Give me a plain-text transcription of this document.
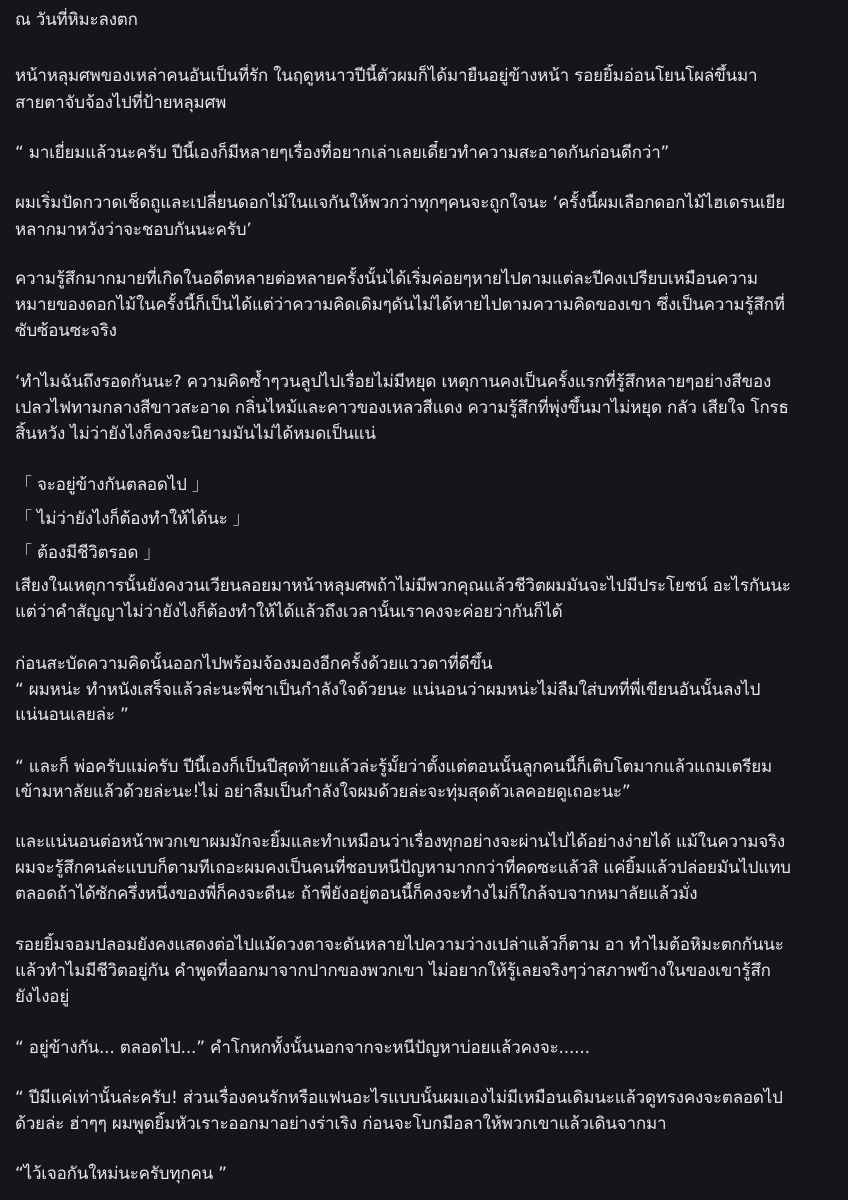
ณ วันที่หิมะลงตก
หน้าหลุมศพของเหล่าคนอันเป็นที่รัก ในฤดูหนาวปีนี้ตัวผมก็ได้มายืนอยู่ข้างหน้า รอยยิ้มอ่อนโยนโผล่ขึ้นมา
สายตาจับจ้องไปที่ป้ายหลุมศพ
“ มาเยี่ยมแล้วนะครับ ปีนี้เองก็มีหลายๆเรื่องที่อยากเล่าเลยเดี๋ยวทำความสะอาดกันก่อนดีกว่า”
ผมเริ่มปัดกวาดเช็ดถูและเปลี่ยนดอกไม้ในแจกันให้พวกว่าทุกๆคนจะถูกใจนะ ‘ครั้งนี้ผมเลือกดอกไม้ไฮเดรนเยีย
หลากมาหวังว่าจะชอบกันนะครับ’
ความรู้สึกมากมายที่เกิดในอดีตหลายต่อหลายครั้งนั้นได้เริ่มค่อยๆหายไปตามแต่ละปีคงเปรียบเหมือนความ
หมายของดอกไม้ในครั้งนี้ก็เป็นได้แต่ว่าความคิดเดิมๆดันไม่ได้หายไปตามความคิดของเขา ซึ่งเป็นความรู้สึกที่
ซับซ้อนซะจริง
‘ทำไมฉันถึงรอดกันนะ? ความคิดซ้ำๆวนลูปไปเรื่อยไม่มีหยุด เหตุกานคงเป็นครั้งแรกที่รู้สึกหลายๆอย่างสีของ
เปลวไฟทามกลางสีขาวสะอาด กลิ่นไหม้และคาวของเหลวสีแดง ความรู้สึกที่พุ่งขึ้นมาไม่หยุด กลัว เสียใจ โกรธ
สิ้นหวัง ไม่ว่ายังไงก็คงจะนิยามมันไม่ได้หมดเป็นแน่
「 จะอยู่ข้างกันตลอดไป 」
「 ไม่ว่ายังไงก็ต้องทำให้ได้นะ 」
「 ต้องมีชีวิตรอด 」
เสียงในเหตุการนั้นยังคงวนเวียนลอยมาหน้าหลุมศพถ้าไม่มีพวกคุณแล้วชีวิตผมมันจะไปมีประโยชน์ อะไรกันนะ
แต่ว่าคำสัญญาไม่ว่ายังไงก็ต้องทำให้ได้แล้วถึงเวลานั้นเราคงจะค่อยว่ากันก็ได้
ก่อนสะบัดความคิดนั้นออกไปพร้อมจ้องมองอีกครั้งด้วยแววตาที่ดีขึ้น
“ ผมหน่ะ ทำหนังเสร็จแล้วล่ะนะพี่ชาเป็นกำลังใจด้วยนะ แน่นอนว่าผมหน่ะไม่ลืมใส่บทที่พี่เขียนอันนั้นลงไป
แน่นอนเลยล่ะ ”
“ และก็ พ่อครับแม่ครับ ปีนี้เองก็เป็นปีสุดท้ายแล้วล่ะรู้มั้ยว่าตั้งแต่ตอนนั้นลูกคนนี้ก็เติบโตมากแล้วแถมเตรียม
เข้ามหาลัยแล้วด้วยล่ะนะ!ไม่ อย่าลืมเป็นกำลังใจผมด้วยล่ะจะทุ่มสุดตัวเลคอยดูเถอะนะ”
และแน่นอนต่อหน้าพวกเขาผมมักจะยิ้มและทำเหมือนว่าเรื่องทุกอย่างจะผ่านไปได้อย่างง่ายได้ แม้ในความจริง
ผมจะรู้สึกคนล่ะแบบก็ตามทีเถอะผมคงเป็นคนที่ชอบหนีปัญหามากกว่าที่คดซะแล้วสิ แค่ยิ้มแล้วปล่อยมันไปแทบ
ตลอดถ้าได้ซักครึ่งหนึ่งของพี่ก็คงจะดีนะ ถ้าพี่ยังอยู่ตอนนี้ก็คงจะทำงไม่ก็ใกล้จบจากหมาลัยแล้วมั่ง
รอยยิ้มจอมปลอมยังคงแสดงต่อไปแม้ดวงตาจะดันหลายไปความว่างเปล่าแล้วก็ตาม อา ทำไมต้อหิมะตกกันนะ
แล้วทำไมมีชีวิตอยู่กัน คำพูดที่ออกมาจากปากของพวกเขา ไม่อยากให้รู้เลยจริงๆว่าสภาพข้างในของเขารู้สึก
ยังไงอยู่
“ อยู่ข้างกัน... ตลอดไป...” คำโกหกทั้งนั้นนอกจากจะหนีปัญหาบ่อยแล้วคงจะ......
“ ปีมีแค่เท่านั้นล่ะครับ! ส่วนเรื่องคนรักหรือแฟนอะไรแบบนั้นผมเองไม่มีเหมือนเดิมนะแล้วดูทรงคงจะตลอดไป
ด้วยล่ะ ฮ่าๆๆ ผมพูดยิ้มหัวเราะออกมาอย่างร่าเริง ก่อนจะโบกมือลาให้พวกเขาแล้วเดินจากมา
“ไว้เจอกันใหม่นะครับทุกคน ”
